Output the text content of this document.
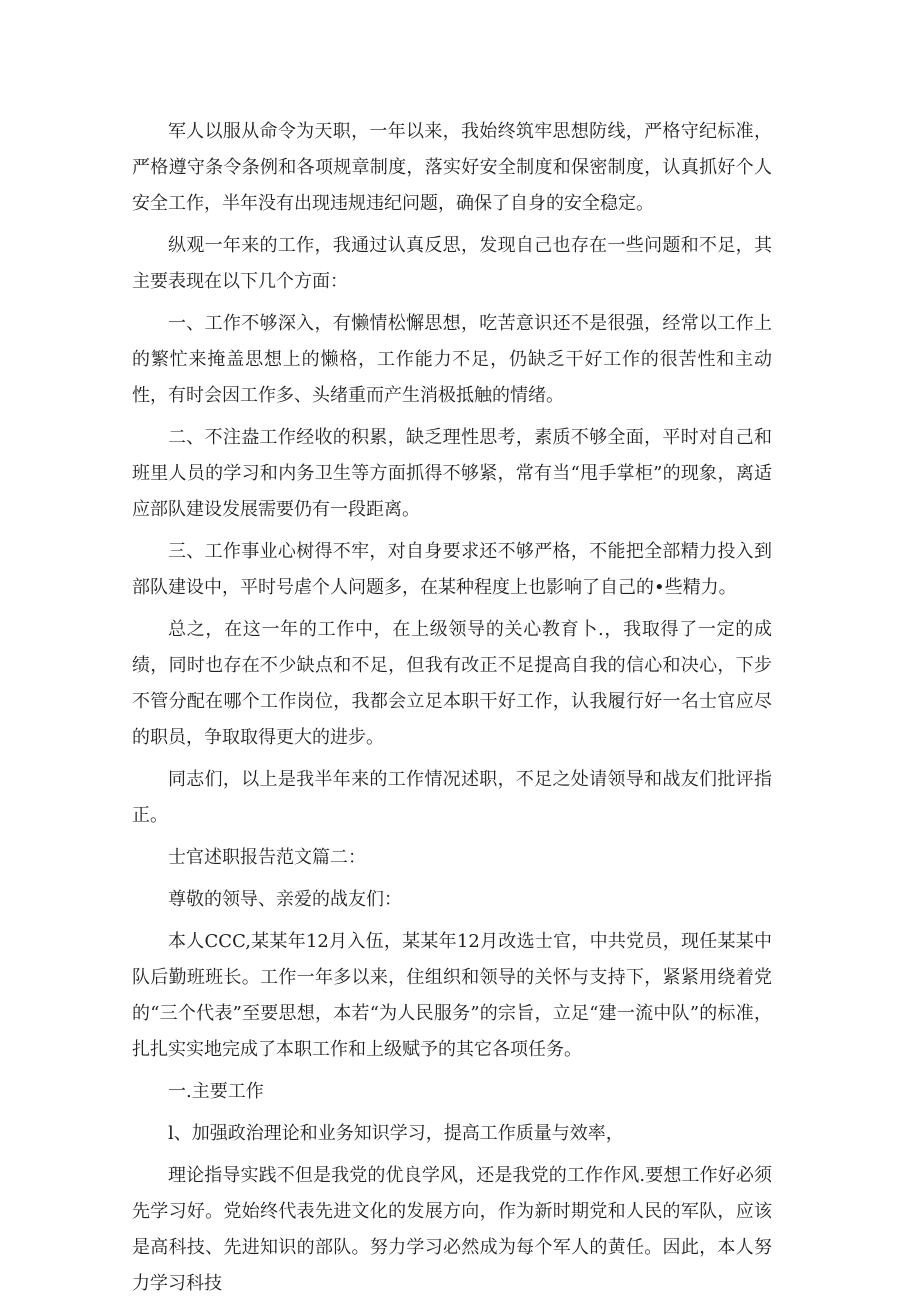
军人以服从命令为天职，一年以来，我始终筑牢思想防线，严格守纪标准，严格遵守条令条例和各项规章制度，落实好安全制度和保密制度，认真抓好个人安全工作，半年没有出现违规违纪问题，确保了自身的安全稳定。

纵观一年来的工作，我通过认真反思，发现自己也存在一些问题和不足，其主要表现在以下几个方面：

一、工作不够深入，有懒情松懈思想，吃苦意识还不是很强，经常以工作上的繁忙来掩盖思想上的懒格，工作能力不足，仍缺乏干好工作的很苦性和主动性，有时会因工作多、头绪重而产生消极抵触的情绪。

二、不注盎工作经收的积累，缺乏理性思考，素质不够全面，平时对自己和班里人员的学习和内务卫生等方面抓得不够紧，常有当“甩手掌柜”的现象，离适应部队建设发展需要仍有一段距离。

三、工作事业心树得不牢，对自身要求还不够严格，不能把全部精力投入到部队建设中，平时号虐个人问题多，在某种程度上也影响了自己的•些精力。

总之，在这一年的工作中，在上级领导的关心教育卜.，我取得了一定的成绩，同时也存在不少缺点和不足，但我有改正不足提高自我的信心和决心，下步不管分配在哪个工作岗位，我都会立足本职干好工作，认我履行好一名士官应尽的职员，争取取得更大的进步。

同志们，以上是我半年来的工作情况述职，不足之处请领导和战友们批评指正。

士官述职报告范文篇二：

尊敬的领导、亲爱的战友们：

本人CCC,某某年12月入伍，某某年12月改选士官，中共党员，现任某某中队后勤班班长。工作一年多以来，住组织和领导的关怀与支持下，紧紧用绕着党的“三个代表”至要思想，本若“为人民服务”的宗旨，立足“建一流中队”的标准，扎扎实实地完成了本职工作和上级赋予的其它各项任务。

一.主要工作

l、加强政治理论和业务知识学习，提高工作质量与效率，

理论指导实践不但是我党的优良学风，还是我党的工作作风.要想工作好必须先学习好。党始终代表先进文化的发展方向，作为新时期党和人民的军队，应该是高科技、先进知识的部队。努力学习必然成为每个军人的黄任。因此，本人努力学习科技
